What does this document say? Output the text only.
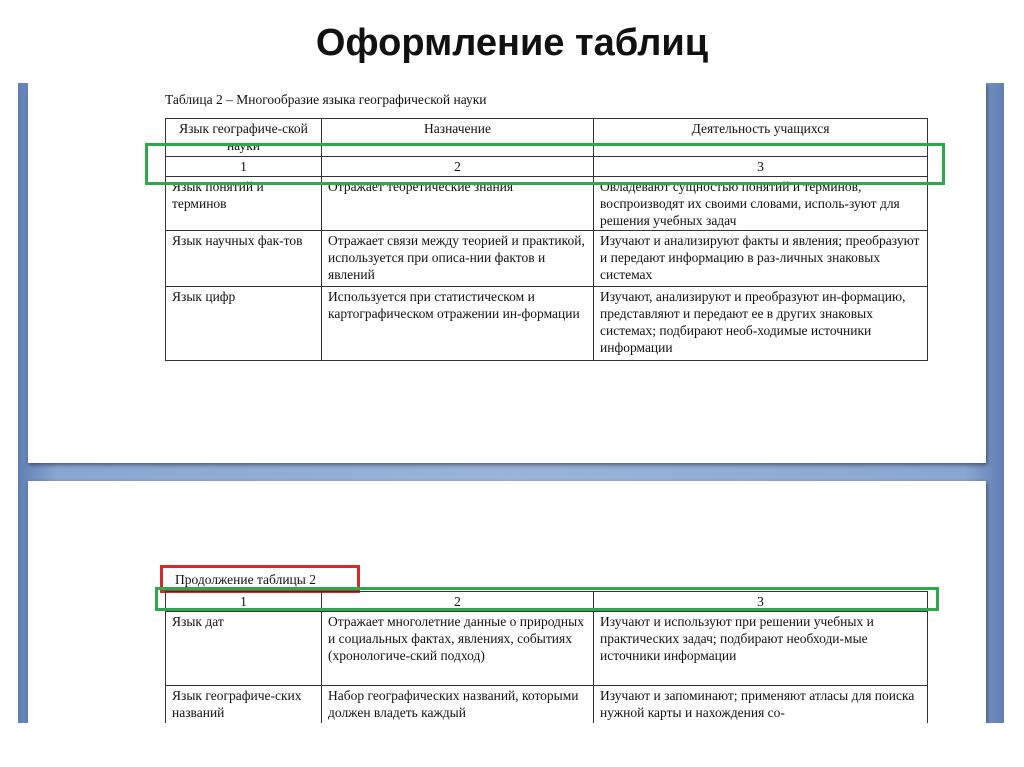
Оформление таблиц
Таблица 2 – Многообразие языка географической науки
Язык географиче-ской науки	Назначение	Деятельность учащихся
1	2	3
Язык понятий и терминов	Отражает теоретические знания	Овладевают сущностью понятий и терминов, воспроизводят их своими словами, исполь-зуют для решения учебных задач
Язык научных фак-тов	Отражает связи между теорией и практикой, используется при описа-нии фактов и явлений	Изучают и анализируют факты и явления; преобразуют и передают информацию в раз-личных знаковых системах
Язык цифр	Используется при статистическом и картографическом отражении ин-формации	Изучают, анализируют и преобразуют ин-формацию, представляют и передают ее в других знаковых системах; подбирают необ-ходимые источники информации
Продолжение таблицы 2
1	2	3
Язык дат	Отражает многолетние данные о природных и социальных фактах, явлениях, событиях (хронологиче-ский подход)	Изучают и используют при решении учебных и практических задач; подбирают необходи-мые источники информации
Язык географиче-ских названий	Набор географических названий, которыми должен владеть каждый	Изучают и запоминают; применяют атласы для поиска нужной карты и нахождения со-
